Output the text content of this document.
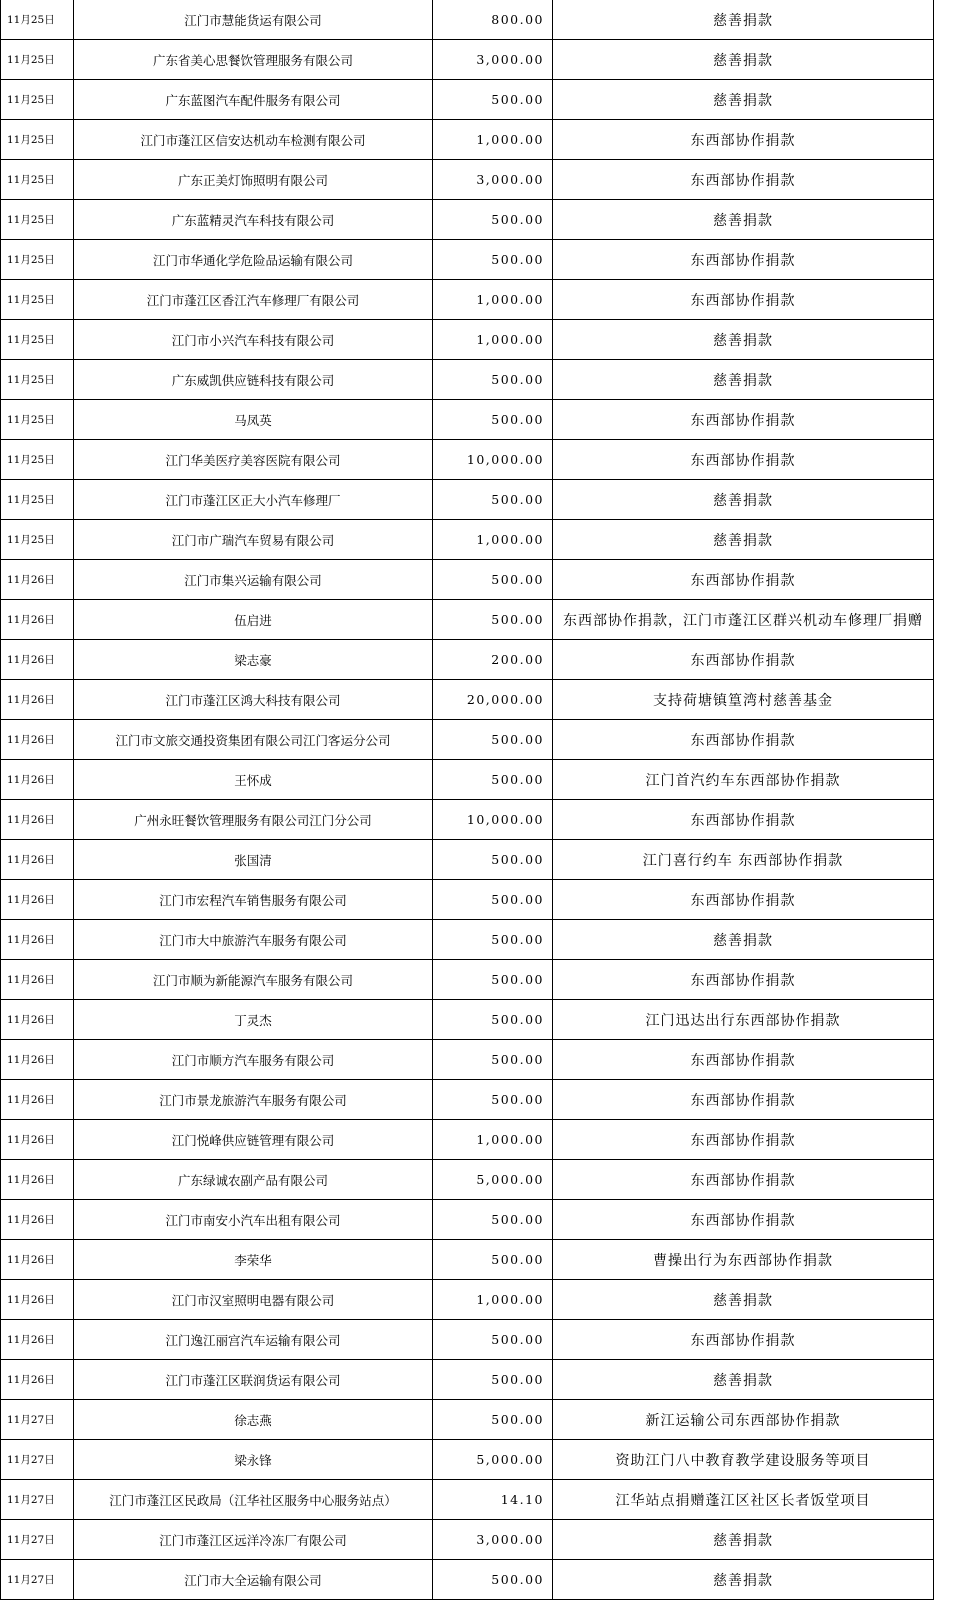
11月25日	江门市慧能货运有限公司	800.00	慈善捐款
11月25日	广东省美心思餐饮管理服务有限公司	3,000.00	慈善捐款
11月25日	广东蓝图汽车配件服务有限公司	500.00	慈善捐款
11月25日	江门市蓬江区信安达机动车检测有限公司	1,000.00	东西部协作捐款
11月25日	广东正美灯饰照明有限公司	3,000.00	东西部协作捐款
11月25日	广东蓝精灵汽车科技有限公司	500.00	慈善捐款
11月25日	江门市华通化学危险品运输有限公司	500.00	东西部协作捐款
11月25日	江门市蓬江区香江汽车修理厂有限公司	1,000.00	东西部协作捐款
11月25日	江门市小兴汽车科技有限公司	1,000.00	慈善捐款
11月25日	广东威凯供应链科技有限公司	500.00	慈善捐款
11月25日	马凤英	500.00	东西部协作捐款
11月25日	江门华美医疗美容医院有限公司	10,000.00	东西部协作捐款
11月25日	江门市蓬江区正大小汽车修理厂	500.00	慈善捐款
11月25日	江门市广瑞汽车贸易有限公司	1,000.00	慈善捐款
11月26日	江门市集兴运输有限公司	500.00	东西部协作捐款
11月26日	伍启进	500.00	东西部协作捐款，江门市蓬江区群兴机动车修理厂捐赠
11月26日	梁志豪	200.00	东西部协作捐款
11月26日	江门市蓬江区鸿大科技有限公司	20,000.00	支持荷塘镇篁湾村慈善基金
11月26日	江门市文旅交通投资集团有限公司江门客运分公司	500.00	东西部协作捐款
11月26日	王怀成	500.00	江门首汽约车东西部协作捐款
11月26日	广州永旺餐饮管理服务有限公司江门分公司	10,000.00	东西部协作捐款
11月26日	张国清	500.00	江门喜行约车 东西部协作捐款
11月26日	江门市宏程汽车销售服务有限公司	500.00	东西部协作捐款
11月26日	江门市大中旅游汽车服务有限公司	500.00	慈善捐款
11月26日	江门市顺为新能源汽车服务有限公司	500.00	东西部协作捐款
11月26日	丁灵杰	500.00	江门迅达出行东西部协作捐款
11月26日	江门市顺方汽车服务有限公司	500.00	东西部协作捐款
11月26日	江门市景龙旅游汽车服务有限公司	500.00	东西部协作捐款
11月26日	江门悦峰供应链管理有限公司	1,000.00	东西部协作捐款
11月26日	广东绿诚农副产品有限公司	5,000.00	东西部协作捐款
11月26日	江门市南安小汽车出租有限公司	500.00	东西部协作捐款
11月26日	李荣华	500.00	曹操出行为东西部协作捐款
11月26日	江门市汉室照明电器有限公司	1,000.00	慈善捐款
11月26日	江门逸江丽宫汽车运输有限公司	500.00	东西部协作捐款
11月26日	江门市蓬江区联润货运有限公司	500.00	慈善捐款
11月27日	徐志燕	500.00	新江运输公司东西部协作捐款
11月27日	梁永锋	5,000.00	资助江门八中教育教学建设服务等项目
11月27日	江门市蓬江区民政局（江华社区服务中心服务站点）	14.10	江华站点捐赠蓬江区社区长者饭堂项目
11月27日	江门市蓬江区远洋冷冻厂有限公司	3,000.00	慈善捐款
11月27日	江门市大全运输有限公司	500.00	慈善捐款
